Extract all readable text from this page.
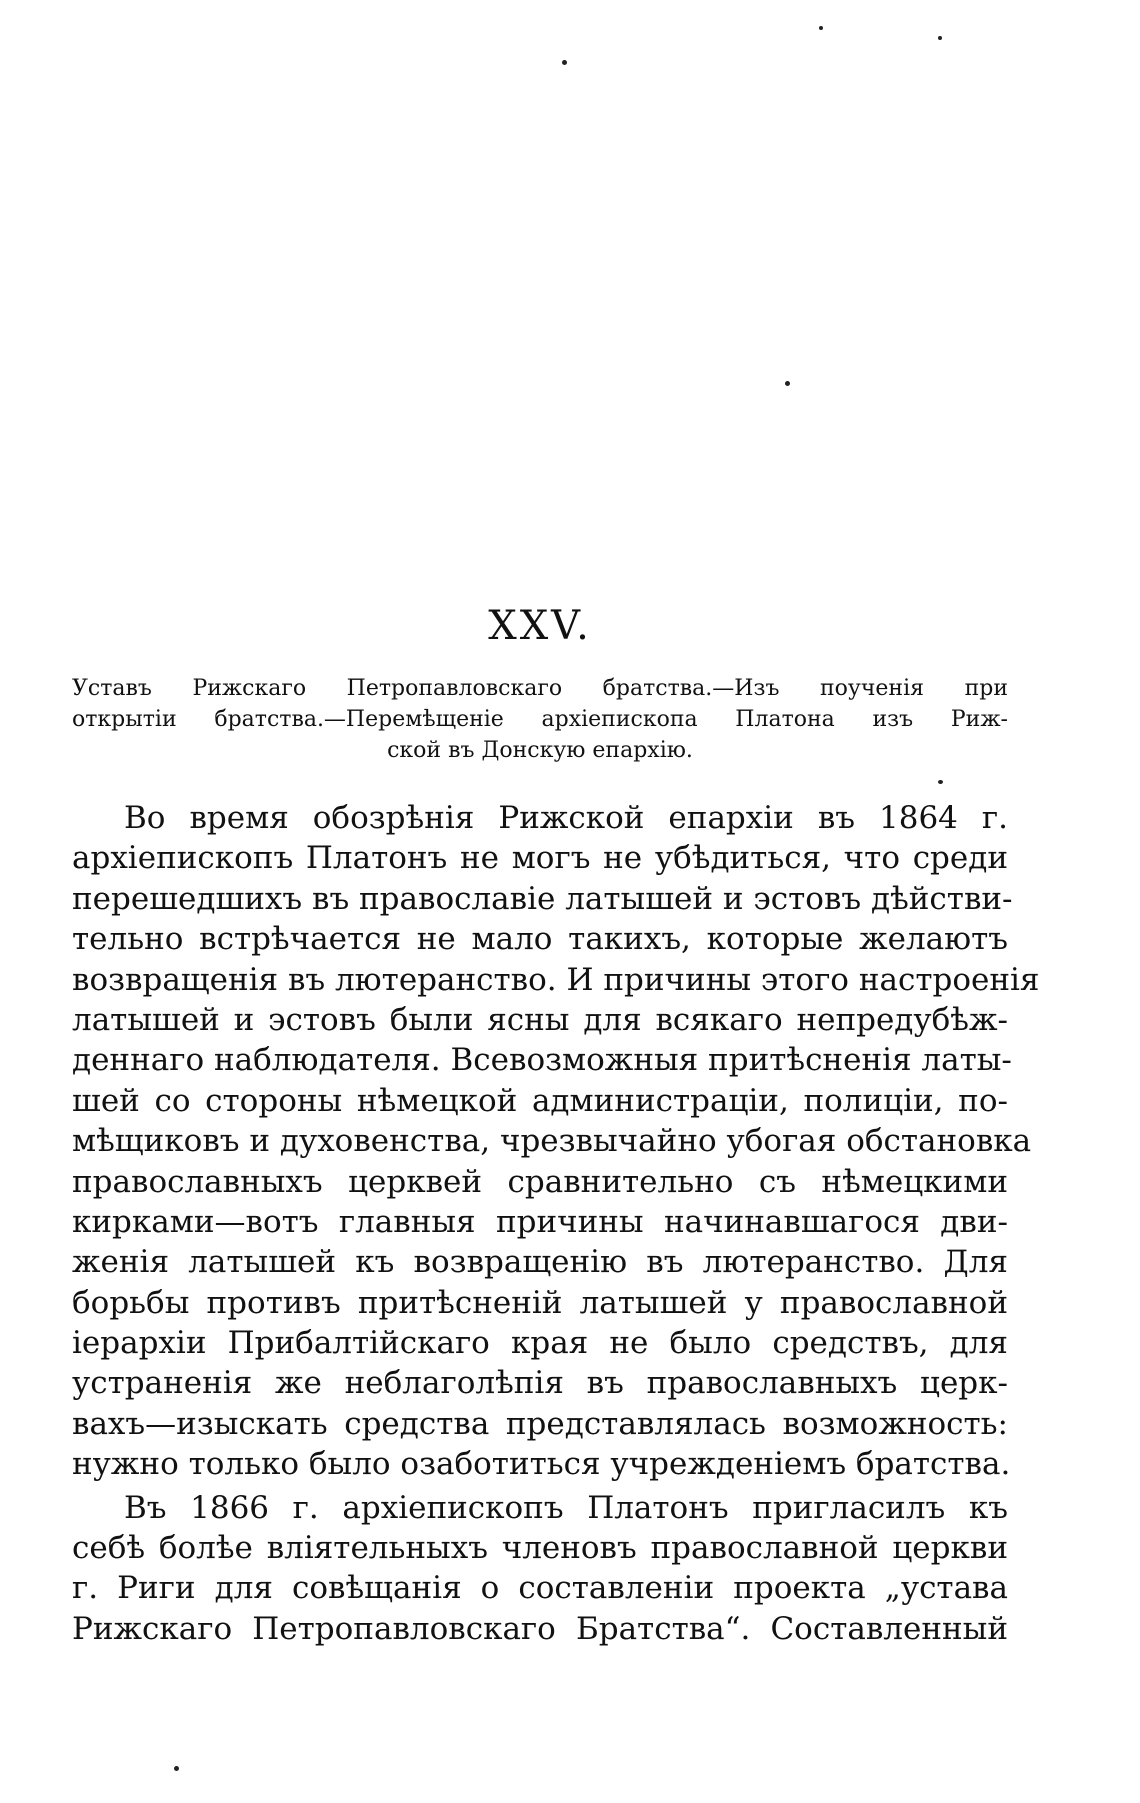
XXV.
Уставъ Рижскаго Петропавловскаго братства.—Изъ поученія при
открытіи братства.—Перемѣщеніе архіепископа Платона изъ Риж-
ской въ Донскую епархію.
Во время обозрѣнія Рижской епархіи въ 1864 г.
архіепископъ Платонъ не могъ не убѣдиться, что среди
перешедшихъ въ православіе латышей и эстовъ дѣйстви-
тельно встрѣчается не мало такихъ, которые желаютъ
возвращенія въ лютеранство. И причины этого настроенія
латышей и эстовъ были ясны для всякаго непредубѣж-
деннаго наблюдателя. Всевозможныя притѣсненія латы-
шей со стороны нѣмецкой администраціи, полиціи, по-
мѣщиковъ и духовенства, чрезвычайно убогая обстановка
православныхъ церквей сравнительно съ нѣмецкими
кирками—вотъ главныя причины начинавшагося дви-
женія латышей къ возвращенію въ лютеранство. Для
борьбы противъ притѣсненій латышей у православной
іерархіи Прибалтійскаго края не было средствъ, для
устраненія же неблаголѣпія въ православныхъ церк-
вахъ—изыскать средства представлялась возможность:
нужно только было озаботиться учрежденіемъ братства.
Въ 1866 г. архіепископъ Платонъ пригласилъ къ
себѣ болѣе вліятельныхъ членовъ православной церкви
г. Риги для совѣщанія о составленіи проекта „устава
Рижскаго Петропавловскаго Братства“. Составленный
